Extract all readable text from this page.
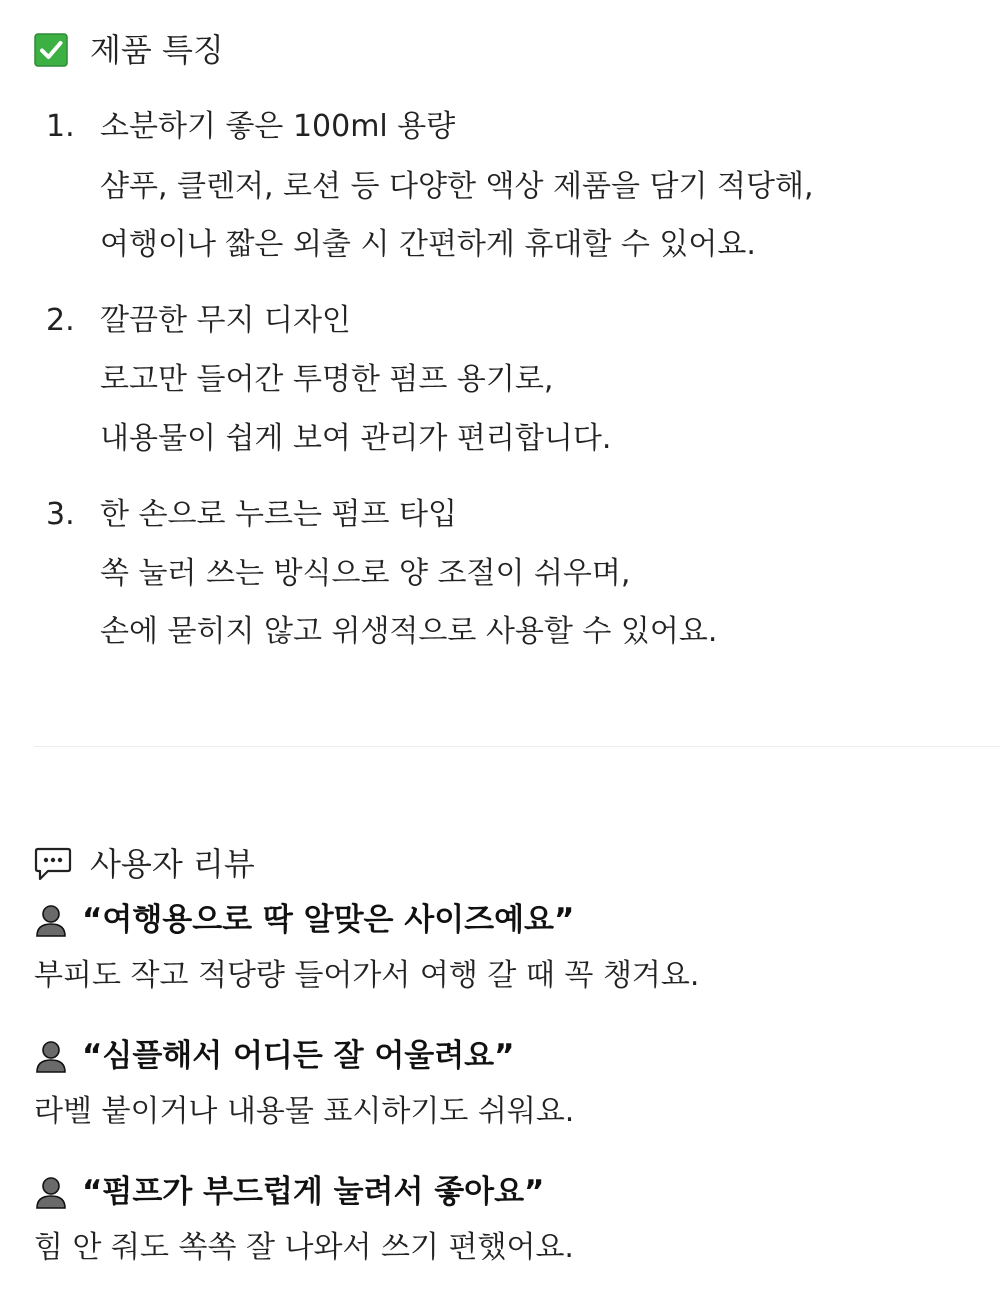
제품 특징
1. 소분하기 좋은 100ml 용량
샴푸, 클렌저, 로션 등 다양한 액상 제품을 담기 적당해,
여행이나 짧은 외출 시 간편하게 휴대할 수 있어요.
2. 깔끔한 무지 디자인
로고만 들어간 투명한 펌프 용기로,
내용물이 쉽게 보여 관리가 편리합니다.
3. 한 손으로 누르는 펌프 타입
쏙 눌러 쓰는 방식으로 양 조절이 쉬우며,
손에 묻히지 않고 위생적으로 사용할 수 있어요.
사용자 리뷰
“여행용으로 딱 알맞은 사이즈예요”
부피도 작고 적당량 들어가서 여행 갈 때 꼭 챙겨요.
“심플해서 어디든 잘 어울려요”
라벨 붙이거나 내용물 표시하기도 쉬워요.
“펌프가 부드럽게 눌려서 좋아요”
힘 안 줘도 쏙쏙 잘 나와서 쓰기 편했어요.
